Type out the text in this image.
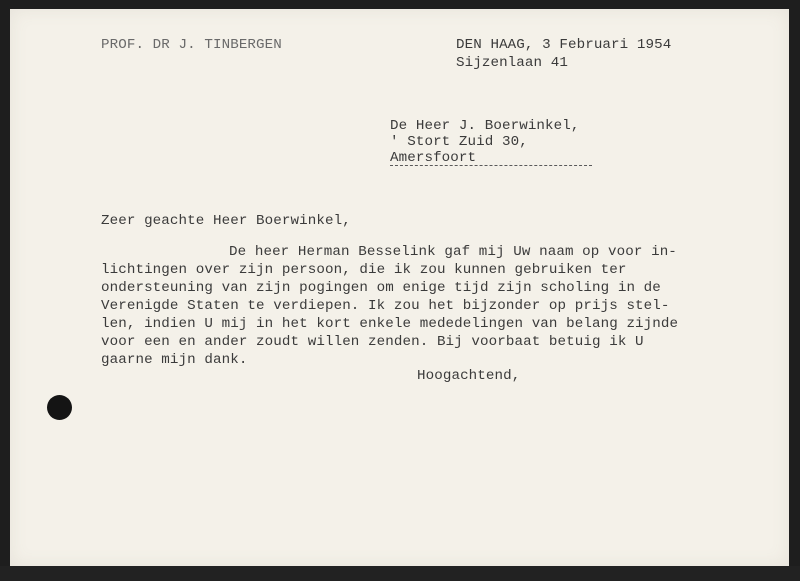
PROF. DR J. TINBERGEN	DEN HAAG, 3 Februari 1954
Sijzenlaan 41
De Heer J. Boerwinkel,
' Stort Zuid 30,
Amersfoort
Zeer geachte Heer Boerwinkel,
De heer Herman Besselink gaf mij Uw naam op voor in-
lichtingen over zijn persoon, die ik zou kunnen gebruiken ter
ondersteuning van zijn pogingen om enige tijd zijn scholing in de
Verenigde Staten te verdiepen. Ik zou het bijzonder op prijs stel-
len, indien U mij in het kort enkele mededelingen van belang zijnde
voor een en ander zoudt willen zenden. Bij voorbaat betuig ik U
gaarne mijn dank.
Hoogachtend,
